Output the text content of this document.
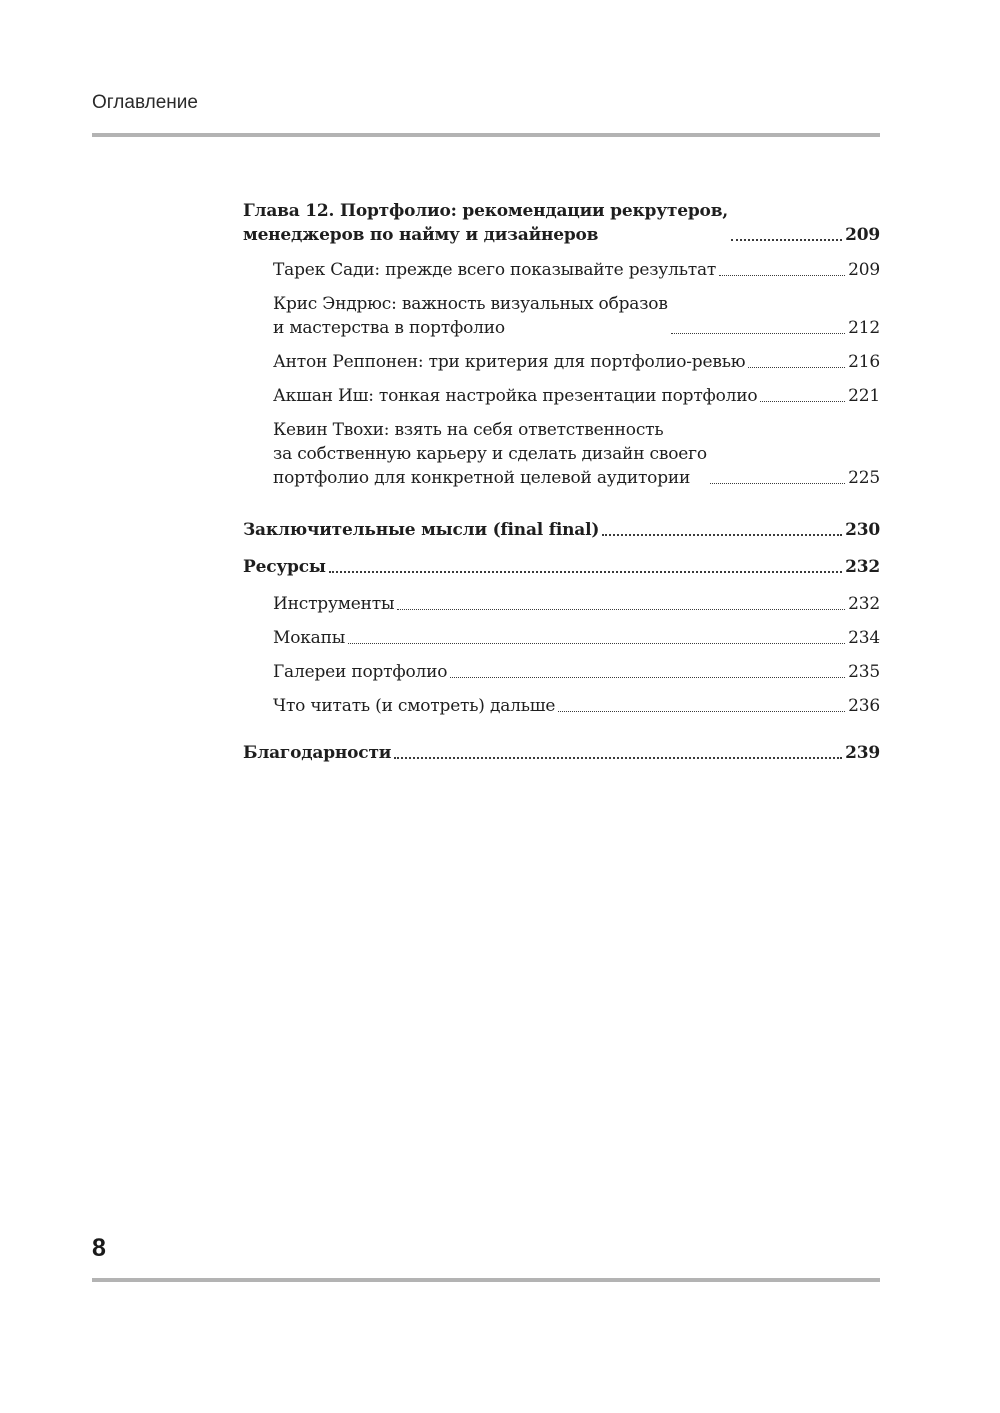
Оглавление
Глава 12. Портфолио: рекомендации рекрутеров,
менеджеров по найму и дизайнеров	209
Тарек Сади: прежде всего показывайте результат	209
Крис Эндрюс: важность визуальных образов
и мастерства в портфолио	212
Антон Реппонен: три критерия для портфолио-ревью	216
Акшан Иш: тонкая настройка презентации портфолио	221
Кевин Твохи: взять на себя ответственность
за собственную карьеру и сделать дизайн своего
портфолио для конкретной целевой аудитории	225
Заключительные мысли (final final)	230
Ресурсы	232
Инструменты	232
Мокапы	234
Галереи портфолио	235
Что читать (и смотреть) дальше	236
Благодарности	239
8
